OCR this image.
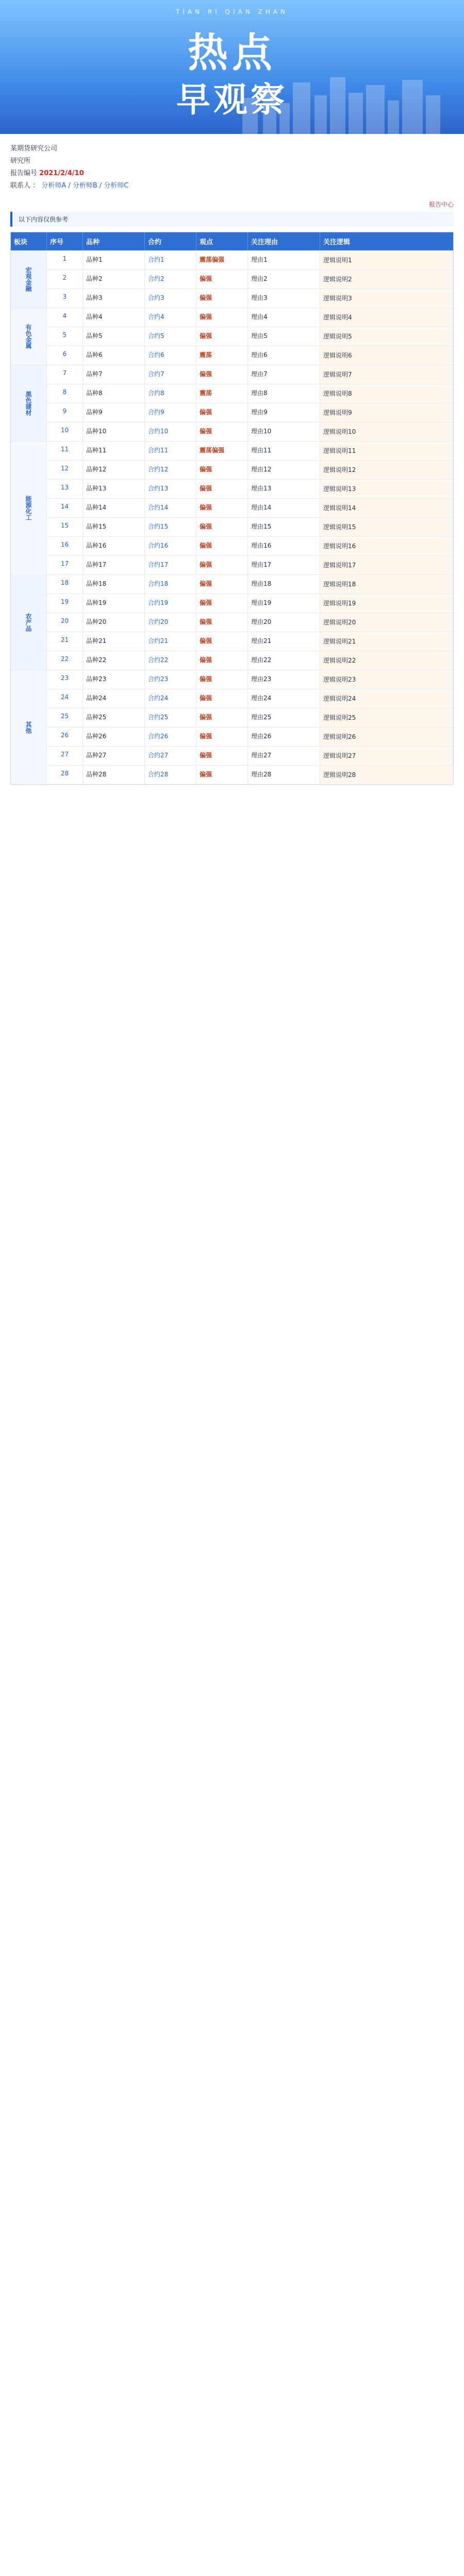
TIAN RI QIAN ZHAN
热点
早观察
某期货研究公司
研究所
报告编号 2021/2/4/10
联系人 ： 分析师A / 分析师B / 分析师C
报告中心
以下内容仅供参考
板块	序号	品种	合约	观点	关注理由	关注逻辑
宏观金融
1	品种1	合约1	震荡偏强	理由1	逻辑说明1
2	品种2	合约2	偏强	理由2	逻辑说明2
3	品种3	合约3	偏强	理由3	逻辑说明3
有色金属
4	品种4	合约4	偏强	理由4	逻辑说明4
5	品种5	合约5	偏强	理由5	逻辑说明5
6	品种6	合约6	震荡	理由6	逻辑说明6
黑色建材
7	品种7	合约7	偏强	理由7	逻辑说明7
8	品种8	合约8	震荡	理由8	逻辑说明8
9	品种9	合约9	偏强	理由9	逻辑说明9
10	品种10	合约10	偏强	理由10	逻辑说明10
能源化工
11	品种11	合约11	震荡偏强	理由11	逻辑说明11
12	品种12	合约12	偏强	理由12	逻辑说明12
13	品种13	合约13	偏强	理由13	逻辑说明13
14	品种14	合约14	偏强	理由14	逻辑说明14
15	品种15	合约15	偏强	理由15	逻辑说明15
16	品种16	合约16	偏强	理由16	逻辑说明16
17	品种17	合约17	偏强	理由17	逻辑说明17
农产品
18	品种18	合约18	偏强	理由18	逻辑说明18
19	品种19	合约19	偏强	理由19	逻辑说明19
20	品种20	合约20	偏强	理由20	逻辑说明20
21	品种21	合约21	偏强	理由21	逻辑说明21
22	品种22	合约22	偏强	理由22	逻辑说明22
其他
23	品种23	合约23	偏强	理由23	逻辑说明23
24	品种24	合约24	偏强	理由24	逻辑说明24
25	品种25	合约25	偏强	理由25	逻辑说明25
26	品种26	合约26	偏强	理由26	逻辑说明26
27	品种27	合约27	偏强	理由27	逻辑说明27
28	品种28	合约28	偏强	理由28	逻辑说明28
